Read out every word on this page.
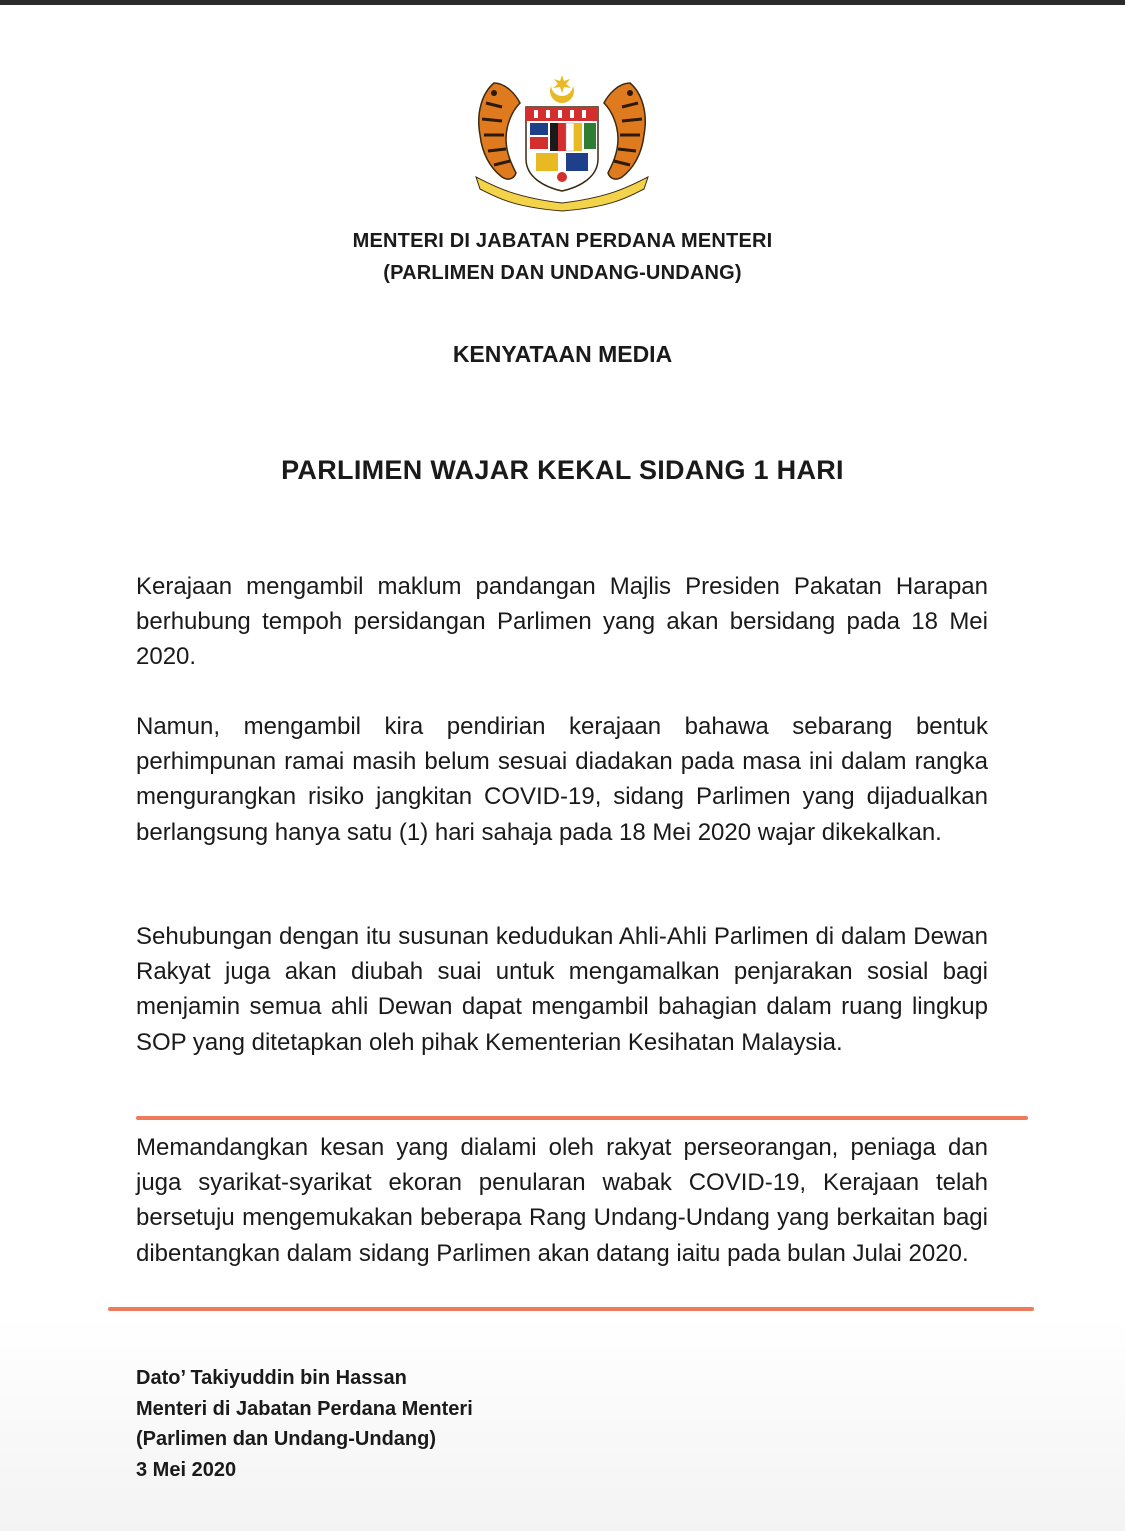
MENTERI DI JABATAN PERDANA MENTERI
(PARLIMEN DAN UNDANG-UNDANG)
KENYATAAN MEDIA
PARLIMEN WAJAR KEKAL SIDANG 1 HARI

Kerajaan mengambil maklum pandangan Majlis Presiden Pakatan Harapan berhubung tempoh persidangan Parlimen yang akan bersidang pada 18 Mei 2020.

Namun, mengambil kira pendirian kerajaan bahawa sebarang bentuk perhimpunan ramai masih belum sesuai diadakan pada masa ini dalam rangka mengurangkan risiko jangkitan COVID-19, sidang Parlimen yang dijadualkan berlangsung hanya satu (1) hari sahaja pada 18 Mei 2020 wajar dikekalkan.

Sehubungan dengan itu susunan kedudukan Ahli-Ahli Parlimen di dalam Dewan Rakyat juga akan diubah suai untuk mengamalkan penjarakan sosial bagi menjamin semua ahli Dewan dapat mengambil bahagian dalam ruang lingkup SOP yang ditetapkan oleh pihak Kementerian Kesihatan Malaysia.

Memandangkan kesan yang dialami oleh rakyat perseorangan, peniaga dan juga syarikat-syarikat ekoran penularan wabak COVID-19, Kerajaan telah bersetuju mengemukakan beberapa Rang Undang-Undang yang berkaitan bagi dibentangkan dalam sidang Parlimen akan datang iaitu pada bulan Julai 2020.

Dato’ Takiyuddin bin Hassan
Menteri di Jabatan Perdana Menteri
(Parlimen dan Undang-Undang)
3 Mei 2020
